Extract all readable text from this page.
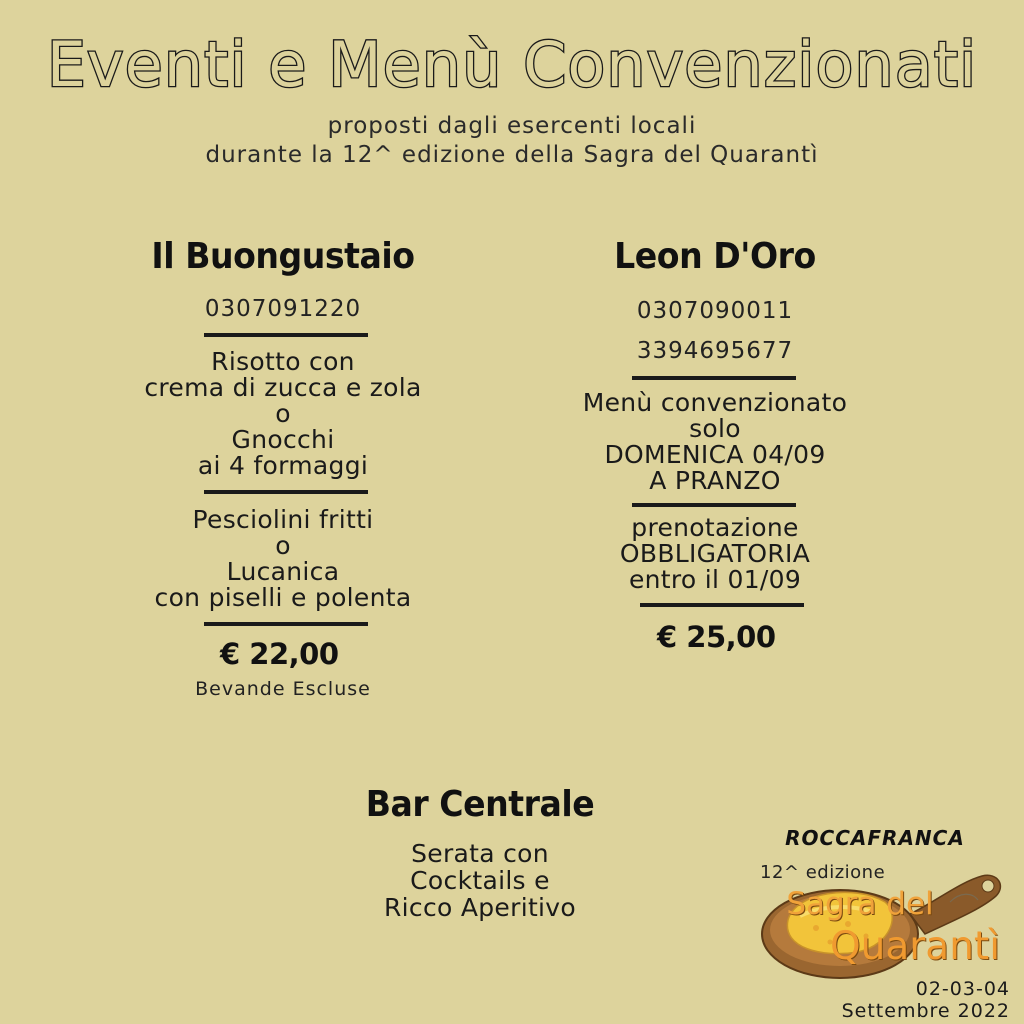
Eventi e Menù Convenzionati
proposti dagli esercenti locali
durante la 12^ edizione della Sagra del Quarantì
Il Buongustaio
0307091220
Risotto con
crema di zucca e zola
o
Gnocchi
ai 4 formaggi
Pesciolini fritti
o
Lucanica
con piselli e polenta
€ 22,00
Bevande Escluse
Leon D'Oro
0307090011
3394695677
Menù convenzionato
solo
DOMENICA 04/09
A PRANZO
prenotazione
OBBLIGATORIA
entro il 01/09
€ 25,00
Bar Centrale
Serata con
Cocktails e
Ricco Aperitivo
ROCCAFRANCA
12^ edizione
Sagra del
Quarantì
02-03-04
Settembre 2022
